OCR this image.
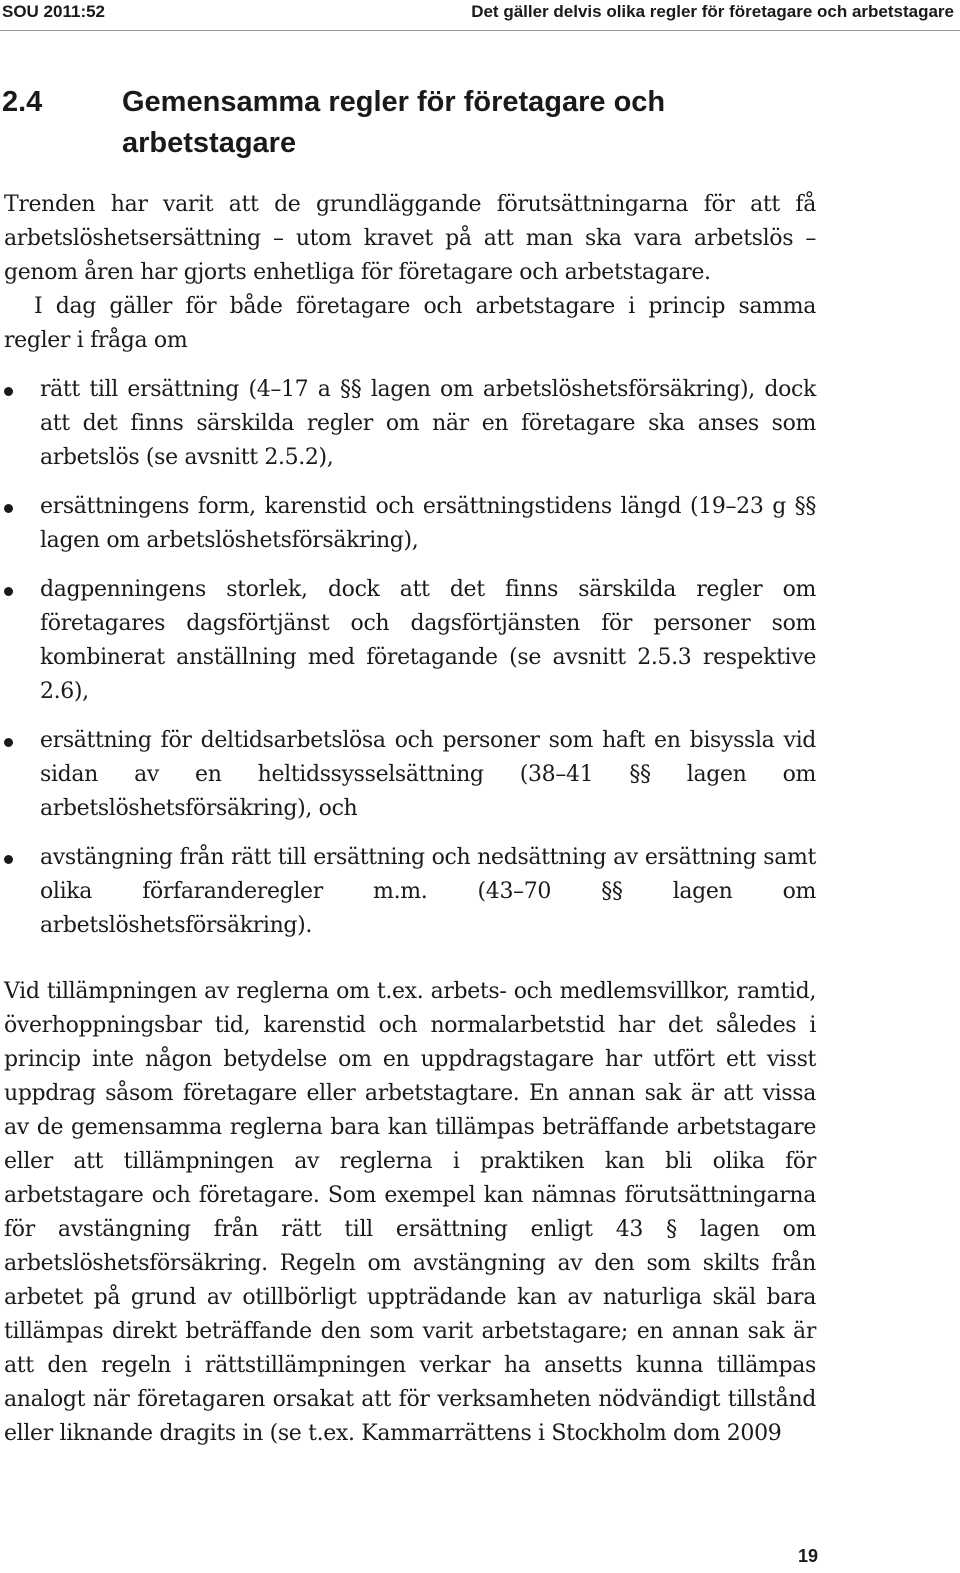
SOU 2011:52	Det gäller delvis olika regler för företagare och arbetstagare
2.4	Gemensamma regler för företagare och arbetstagare

Trenden har varit att de grundläggande förutsättningarna för att få arbetslöshetsersättning – utom kravet på att man ska vara arbetslös – genom åren har gjorts enhetliga för företagare och arbetstagare.

I dag gäller för både företagare och arbetstagare i princip samma regler i fråga om

rätt till ersättning (4–17 a §§ lagen om arbetslöshetsförsäkring), dock att det finns särskilda regler om när en företagare ska anses som arbetslös (se avsnitt 2.5.2),
ersättningens form, karenstid och ersättningstidens längd (19–23 g §§ lagen om arbetslöshetsförsäkring),
dagpenningens storlek, dock att det finns särskilda regler om företagares dagsförtjänst och dagsförtjänsten för personer som kombinerat anställning med företagande (se avsnitt 2.5.3 respektive 2.6),
ersättning för deltidsarbetslösa och personer som haft en bisyssla vid sidan av en heltidssysselsättning (38–41 §§ lagen om arbetslöshetsförsäkring), och
avstängning från rätt till ersättning och nedsättning av ersättning samt olika förfaranderegler m.m. (43–70 §§ lagen om arbetslöshetsförsäkring).

Vid tillämpningen av reglerna om t.ex. arbets- och medlemsvillkor, ramtid, överhoppningsbar tid, karenstid och normalarbetstid har det således i princip inte någon betydelse om en uppdragstagare har utfört ett visst uppdrag såsom företagare eller arbetstagtare. En annan sak är att vissa av de gemensamma reglerna bara kan tillämpas beträffande arbetstagare eller att tillämpningen av reglerna i praktiken kan bli olika för arbetstagare och företagare. Som exempel kan nämnas förutsättningarna för avstängning från rätt till ersättning enligt 43 § lagen om arbetslöshetsförsäkring. Regeln om avstängning av den som skilts från arbetet på grund av otillbörligt uppträdande kan av naturliga skäl bara tillämpas direkt beträffande den som varit arbetstagare; en annan sak är att den regeln i rättstillämpningen verkar ha ansetts kunna tillämpas analogt när företagaren orsakat att för verksamheten nödvändigt tillstånd eller liknande dragits in (se t.ex. Kammarrättens i Stockholm dom 2009

19
